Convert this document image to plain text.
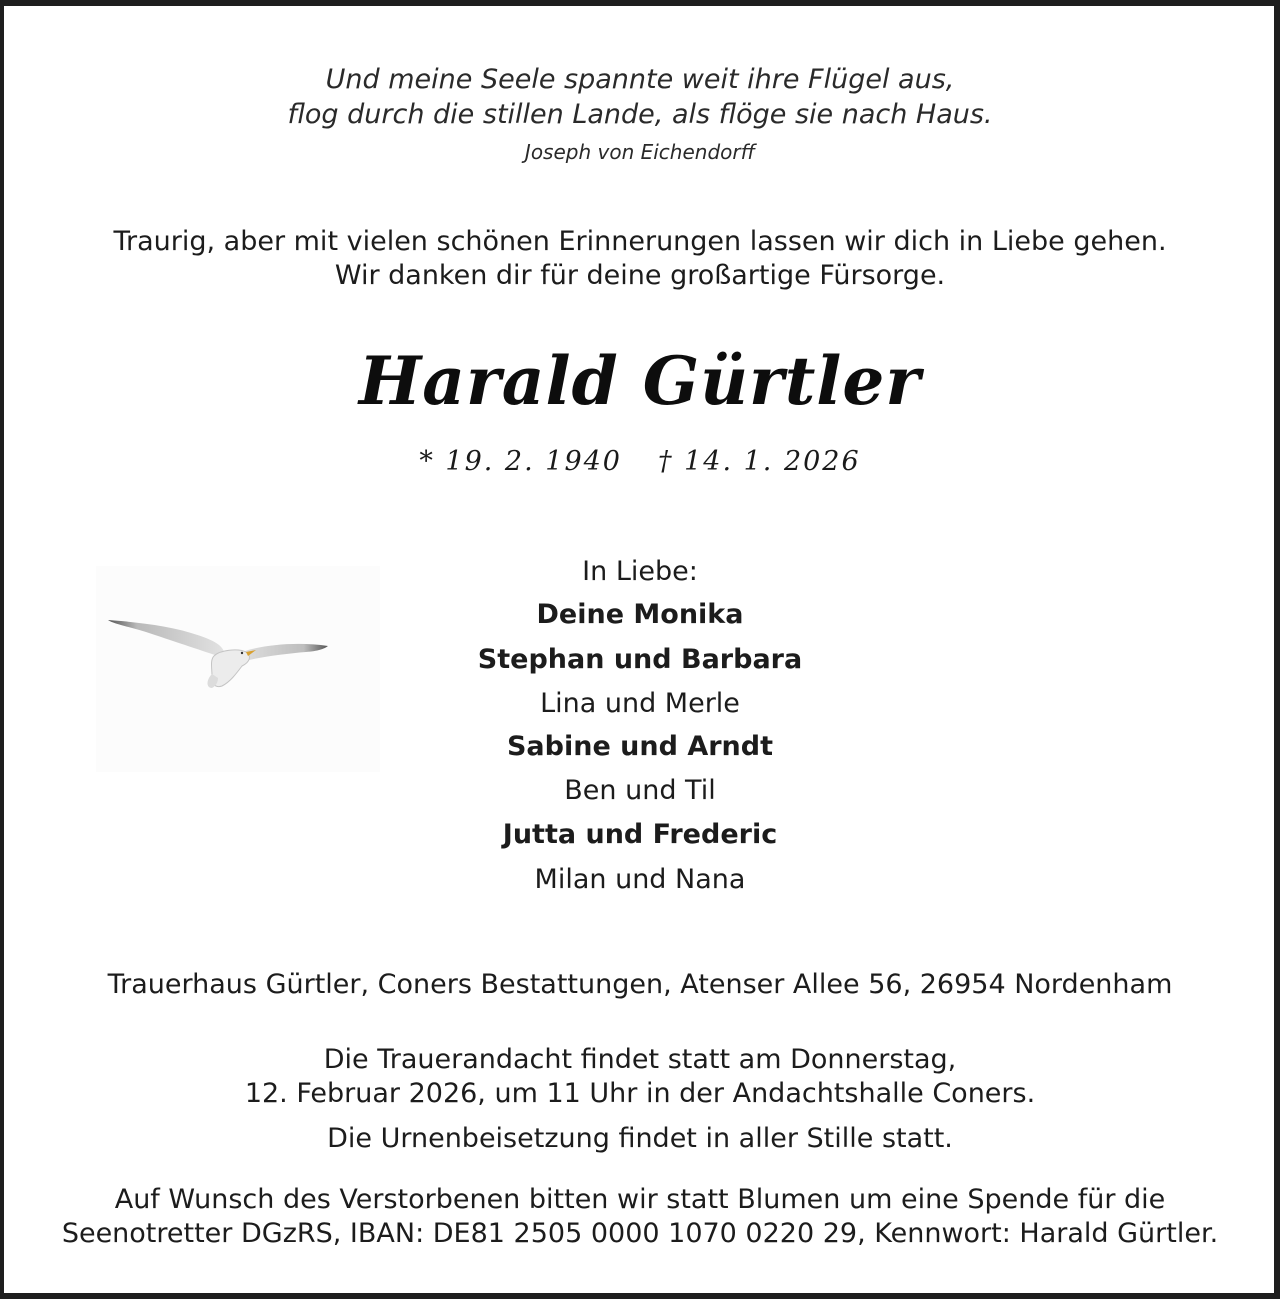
Und meine Seele spannte weit ihre Flügel aus,
flog durch die stillen Lande, als flöge sie nach Haus.
Joseph von Eichendorff
Traurig, aber mit vielen schönen Erinnerungen lassen wir dich in Liebe gehen.
Wir danken dir für deine großartige Fürsorge.
Harald Gürtler
* 19. 2. 1940 † 14. 1. 2026
In Liebe:
Deine Monika
Stephan und Barbara
Lina und Merle
Sabine und Arndt
Ben und Til
Jutta und Frederic
Milan und Nana
Trauerhaus Gürtler, Coners Bestattungen, Atenser Allee 56, 26954 Nordenham
Die Trauerandacht findet statt am Donnerstag,
12. Februar 2026, um 11 Uhr in der Andachtshalle Coners.
Die Urnenbeisetzung findet in aller Stille statt.
Auf Wunsch des Verstorbenen bitten wir statt Blumen um eine Spende für die
Seenotretter DGzRS, IBAN: DE81 2505 0000 1070 0220 29, Kennwort: Harald Gürtler.
